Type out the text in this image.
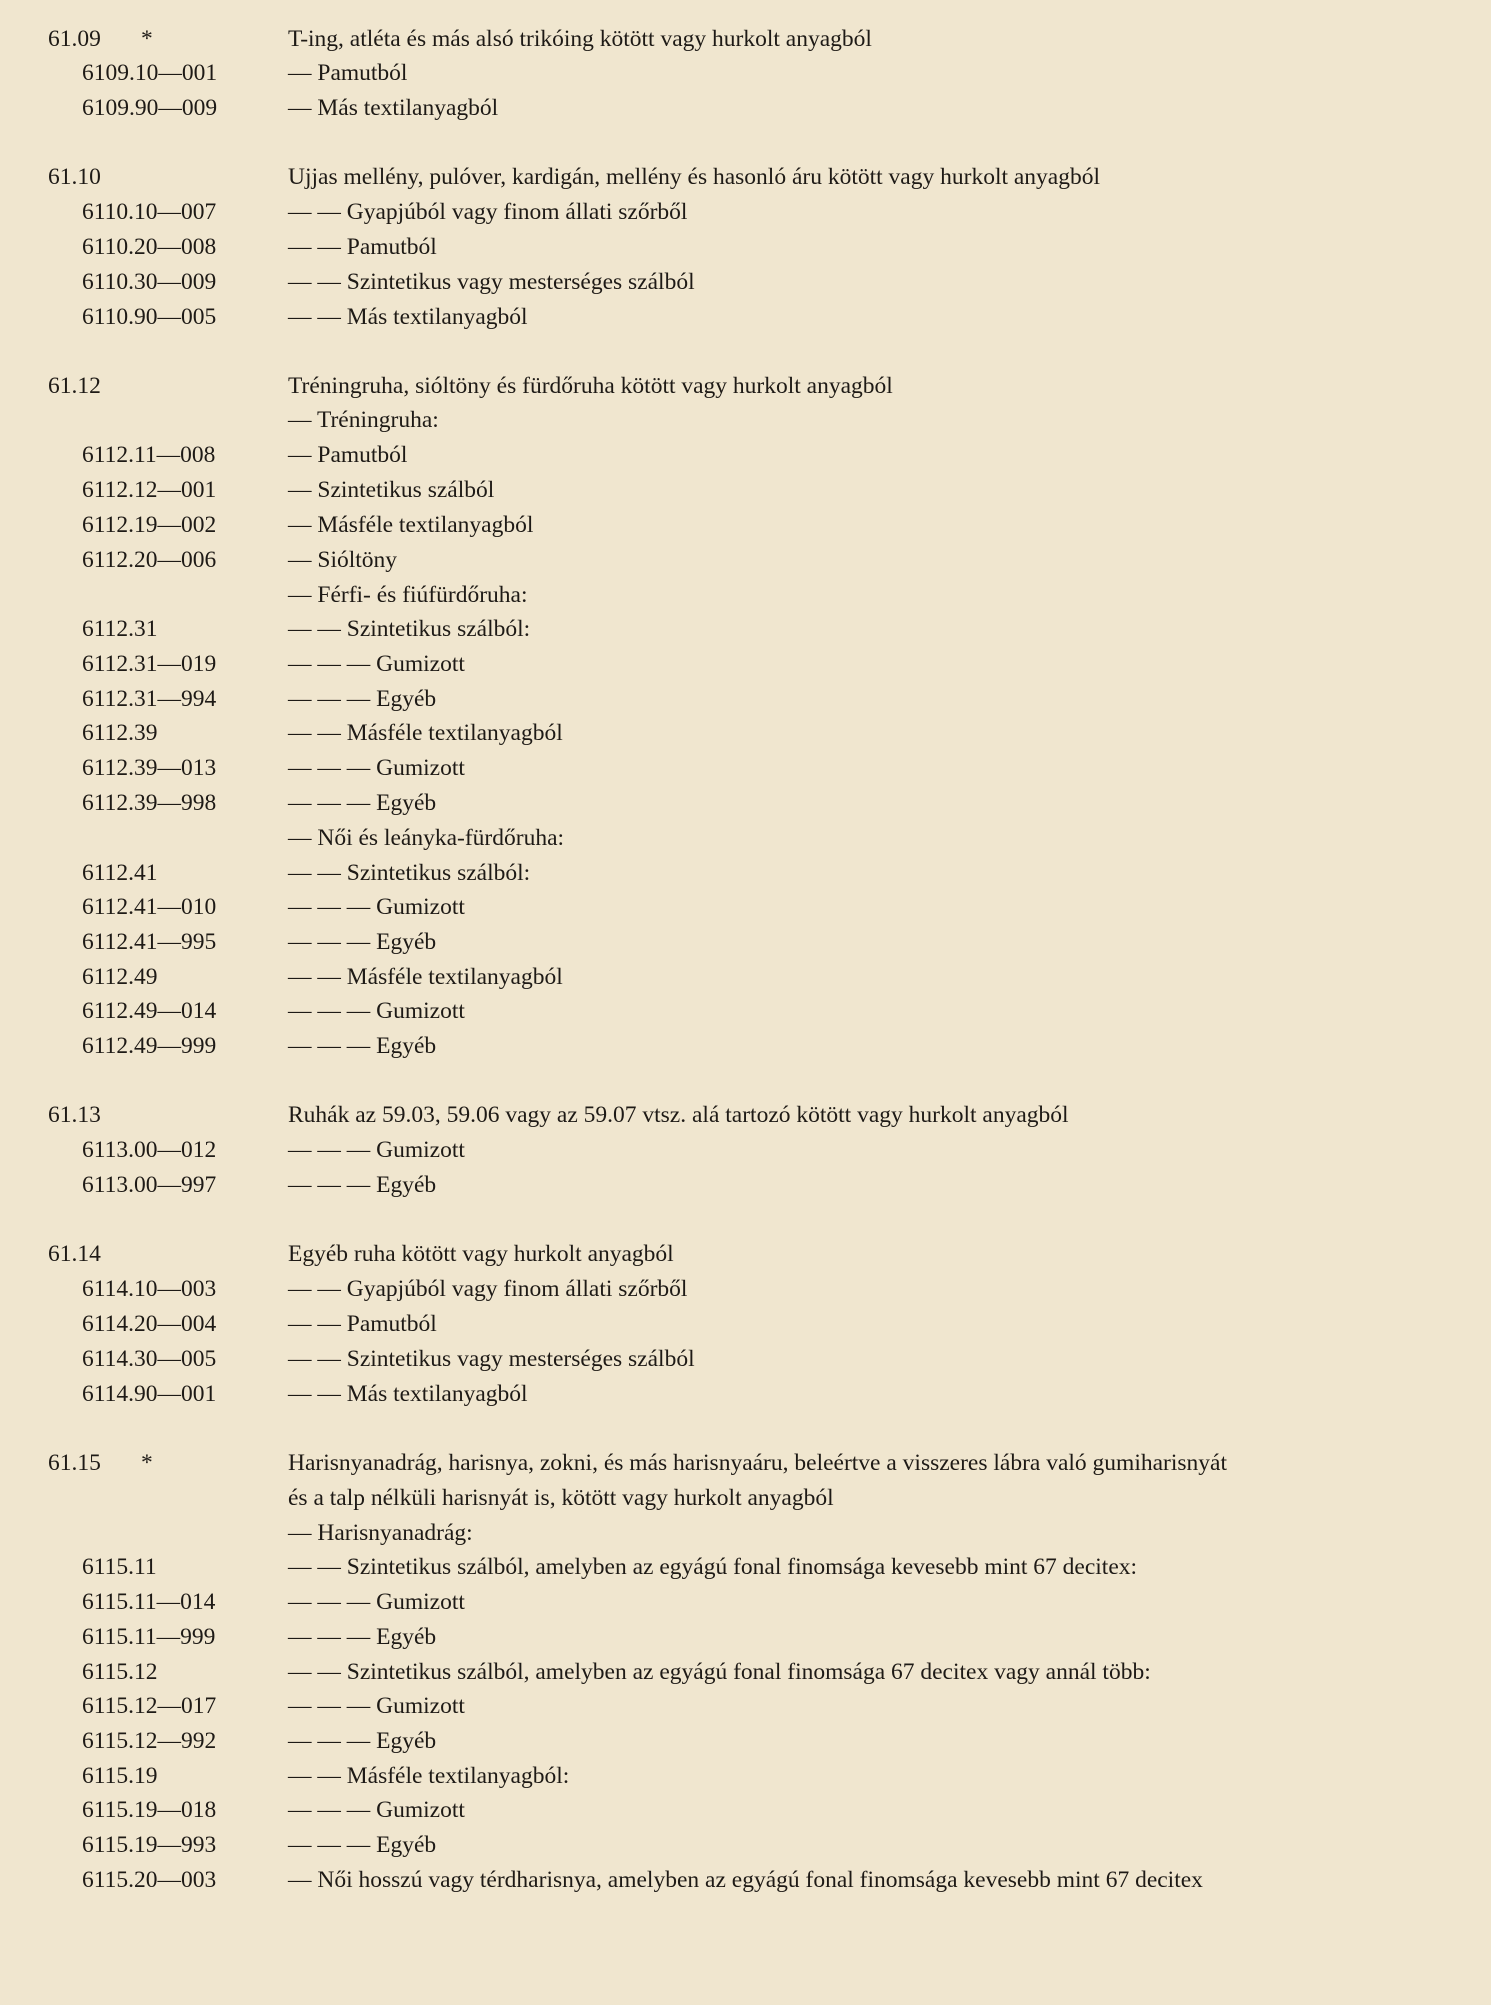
61.09 *	T-ing, atléta és más alsó trikóing kötött vagy hurkolt anyagból
6109.10—001	— Pamutból
6109.90—009	— Más textilanyagból
61.10	Ujjas mellény, pulóver, kardigán, mellény és hasonló áru kötött vagy hurkolt anyagból
6110.10—007	— — Gyapjúból vagy finom állati szőrből
6110.20—008	— — Pamutból
6110.30—009	— — Szintetikus vagy mesterséges szálból
6110.90—005	— — Más textilanyagból
61.12	Tréningruha, sióltöny és fürdőruha kötött vagy hurkolt anyagból
— Tréningruha:
6112.11—008	— Pamutból
6112.12—001	— Szintetikus szálból
6112.19—002	— Másféle textilanyagból
6112.20—006	— Sióltöny
— Férfi- és fiúfürdőruha:
6112.31	— — Szintetikus szálból:
6112.31—019	— — — Gumizott
6112.31—994	— — — Egyéb
6112.39	— — Másféle textilanyagból
6112.39—013	— — — Gumizott
6112.39—998	— — — Egyéb
— Női és leányka-fürdőruha:
6112.41	— — Szintetikus szálból:
6112.41—010	— — — Gumizott
6112.41—995	— — — Egyéb
6112.49	— — Másféle textilanyagból
6112.49—014	— — — Gumizott
6112.49—999	— — — Egyéb
61.13	Ruhák az 59.03, 59.06 vagy az 59.07 vtsz. alá tartozó kötött vagy hurkolt anyagból
6113.00—012	— — — Gumizott
6113.00—997	— — — Egyéb
61.14	Egyéb ruha kötött vagy hurkolt anyagból
6114.10—003	— — Gyapjúból vagy finom állati szőrből
6114.20—004	— — Pamutból
6114.30—005	— — Szintetikus vagy mesterséges szálból
6114.90—001	— — Más textilanyagból
61.15 *	Harisnyanadrág, harisnya, zokni, és más harisnyaáru, beleértve a visszeres lábra való gumiharisnyát
és a talp nélküli harisnyát is, kötött vagy hurkolt anyagból
— Harisnyanadrág:
6115.11	— — Szintetikus szálból, amelyben az egyágú fonal finomsága kevesebb mint 67 decitex:
6115.11—014	— — — Gumizott
6115.11—999	— — — Egyéb
6115.12	— — Szintetikus szálból, amelyben az egyágú fonal finomsága 67 decitex vagy annál több:
6115.12—017	— — — Gumizott
6115.12—992	— — — Egyéb
6115.19	— — Másféle textilanyagból:
6115.19—018	— — — Gumizott
6115.19—993	— — — Egyéb
6115.20—003	— Női hosszú vagy térdharisnya, amelyben az egyágú fonal finomsága kevesebb mint 67 decitex
